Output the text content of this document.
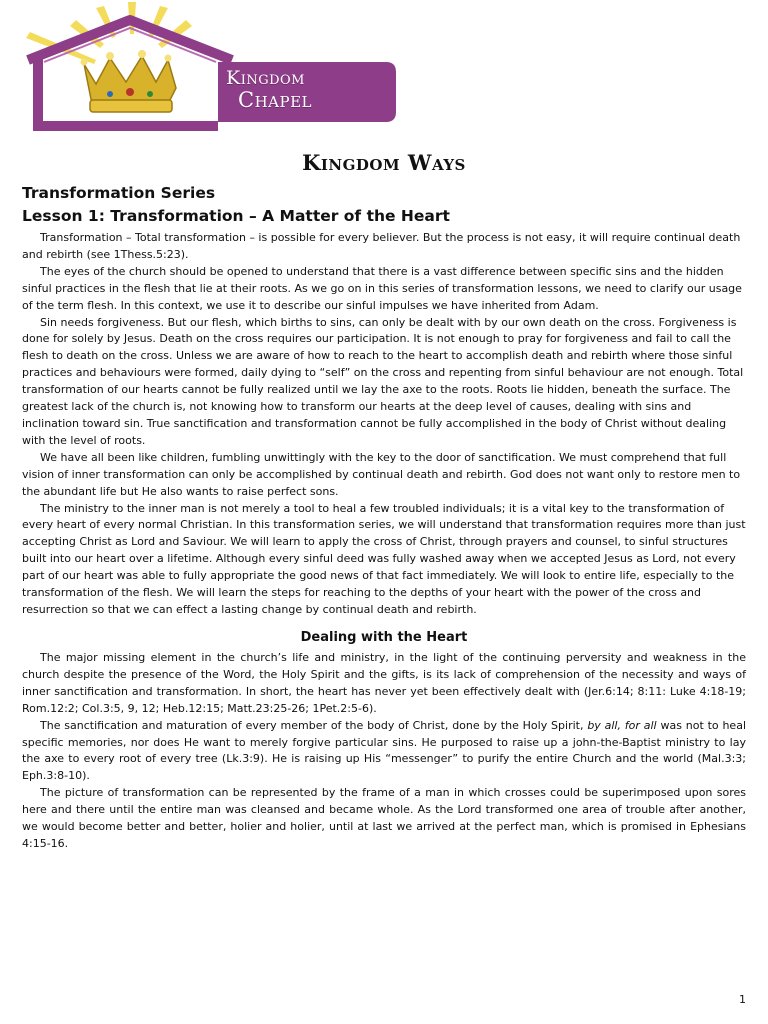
Kingdom
Chapel
Kingdom Ways
Transformation Series
Lesson 1: Transformation – A Matter of the Heart

Transformation – Total transformation – is possible for every believer. But the process is not easy, it will require continual death and rebirth (see 1Thess.5:23).

The eyes of the church should be opened to understand that there is a vast difference between specific sins and the hidden sinful practices in the flesh that lie at their roots. As we go on in this series of transformation lessons, we need to clarify our usage of the term flesh. In this context, we use it to describe our sinful impulses we have inherited from Adam.

Sin needs forgiveness. But our flesh, which births to sins, can only be dealt with by our own death on the cross. Forgiveness is done for solely by Jesus. Death on the cross requires our participation. It is not enough to pray for forgiveness and fail to call the flesh to death on the cross. Unless we are aware of how to reach to the heart to accomplish death and rebirth where those sinful practices and behaviours were formed, daily dying to “self” on the cross and repenting from sinful behaviour are not enough. Total transformation of our hearts cannot be fully realized until we lay the axe to the roots. Roots lie hidden, beneath the surface. The greatest lack of the church is, not knowing how to transform our hearts at the deep level of causes, dealing with sins and inclination toward sin. True sanctification and transformation cannot be fully accomplished in the body of Christ without dealing with the level of roots.

We have all been like children, fumbling unwittingly with the key to the door of sanctification. We must comprehend that full vision of inner transformation can only be accomplished by continual death and rebirth. God does not want only to restore men to the abundant life but He also wants to raise perfect sons.

The ministry to the inner man is not merely a tool to heal a few troubled individuals; it is a vital key to the transformation of every heart of every normal Christian. In this transformation series, we will understand that transformation requires more than just accepting Christ as Lord and Saviour. We will learn to apply the cross of Christ, through prayers and counsel, to sinful structures built into our heart over a lifetime. Although every sinful deed was fully washed away when we accepted Jesus as Lord, not every part of our heart was able to fully appropriate the good news of that fact immediately. We will look to entire life, especially to the transformation of the flesh. We will learn the steps for reaching to the depths of your heart with the power of the cross and resurrection so that we can effect a lasting change by continual death and rebirth.

Dealing with the Heart

The major missing element in the church’s life and ministry, in the light of the continuing perversity and weakness in the church despite the presence of the Word, the Holy Spirit and the gifts, is its lack of comprehension of the necessity and ways of inner sanctification and transformation. In short, the heart has never yet been effectively dealt with (Jer.6:14; 8:11: Luke 4:18-19; Rom.12:2; Col.3:5, 9, 12; Heb.12:15; Matt.23:25-26; 1Pet.2:5-6).

The sanctification and maturation of every member of the body of Christ, done by the Holy Spirit, by all, for all was not to heal specific memories, nor does He want to merely forgive particular sins. He purposed to raise up a john-the-Baptist ministry to lay the axe to every root of every tree (Lk.3:9). He is raising up His “messenger” to purify the entire Church and the world (Mal.3:3; Eph.3:8-10).

The picture of transformation can be represented by the frame of a man in which crosses could be superimposed upon sores here and there until the entire man was cleansed and became whole. As the Lord transformed one area of trouble after another, we would become better and better, holier and holier, until at last we arrived at the perfect man, which is promised in Ephesians 4:15-16.

1
